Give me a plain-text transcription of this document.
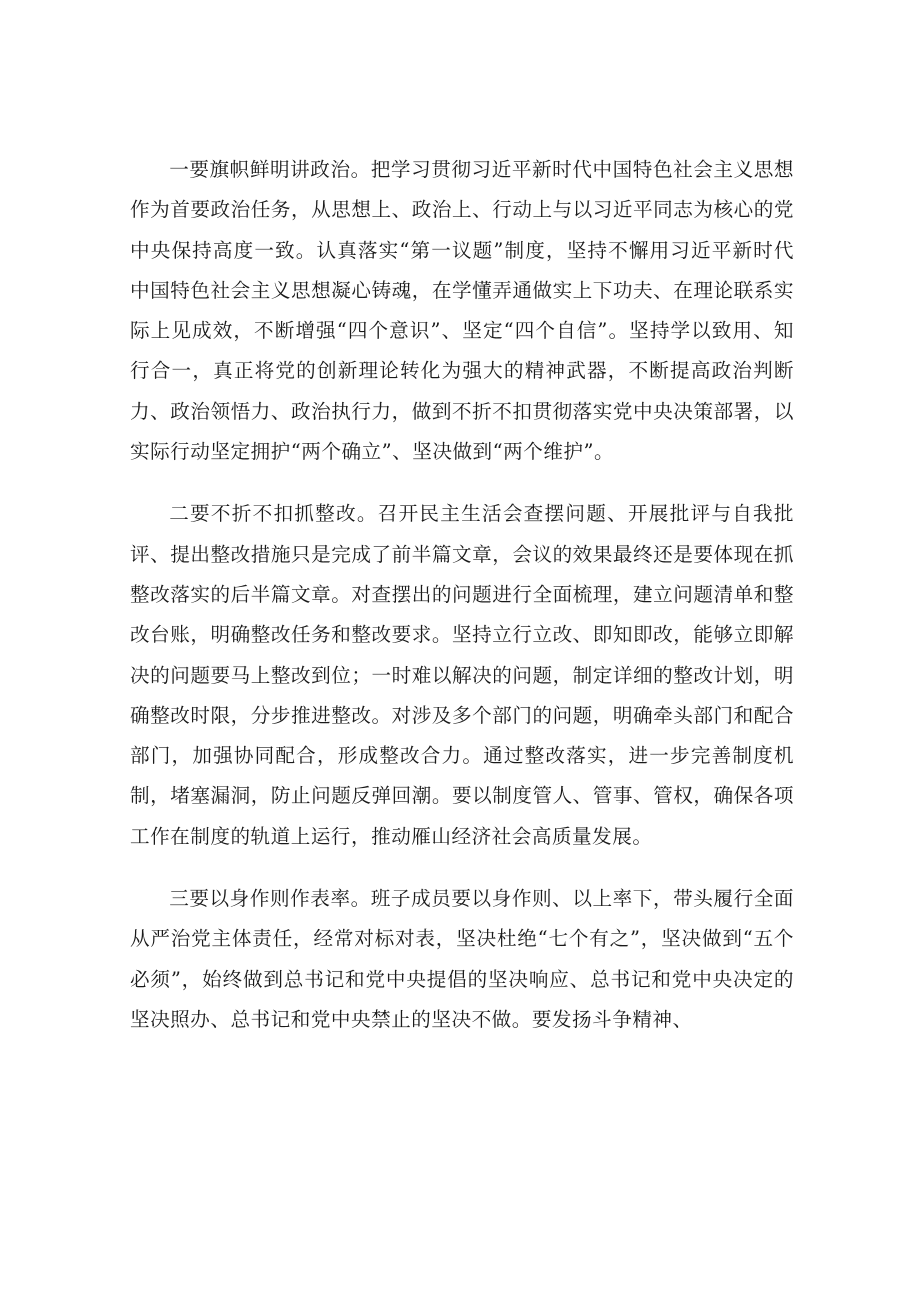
一要旗帜鲜明讲政治。把学习贯彻习近平新时代中国特色社会主义思想作为首要政治任务，从思想上、政治上、行动上与以习近平同志为核心的党中央保持高度一致。认真落实“第一议题”制度，坚持不懈用习近平新时代中国特色社会主义思想凝心铸魂，在学懂弄通做实上下功夫、在理论联系实际上见成效，不断增强“四个意识”、坚定“四个自信”。坚持学以致用、知行合一，真正将党的创新理论转化为强大的精神武器，不断提高政治判断力、政治领悟力、政治执行力，做到不折不扣贯彻落实党中央决策部署，以实际行动坚定拥护“两个确立”、坚决做到“两个维护”。

二要不折不扣抓整改。召开民主生活会查摆问题、开展批评与自我批评、提出整改措施只是完成了前半篇文章，会议的效果最终还是要体现在抓整改落实的后半篇文章。对查摆出的问题进行全面梳理，建立问题清单和整改台账，明确整改任务和整改要求。坚持立行立改、即知即改，能够立即解决的问题要马上整改到位；一时难以解决的问题，制定详细的整改计划，明确整改时限，分步推进整改。对涉及多个部门的问题，明确牵头部门和配合部门，加强协同配合，形成整改合力。通过整改落实，进一步完善制度机制，堵塞漏洞，防止问题反弹回潮。要以制度管人、管事、管权，确保各项工作在制度的轨道上运行，推动雁山经济社会高质量发展。

三要以身作则作表率。班子成员要以身作则、以上率下，带头履行全面从严治党主体责任，经常对标对表，坚决杜绝“七个有之”，坚决做到“五个必须”，始终做到总书记和党中央提倡的坚决响应、总书记和党中央决定的坚决照办、总书记和党中央禁止的坚决不做。要发扬斗争精神、
